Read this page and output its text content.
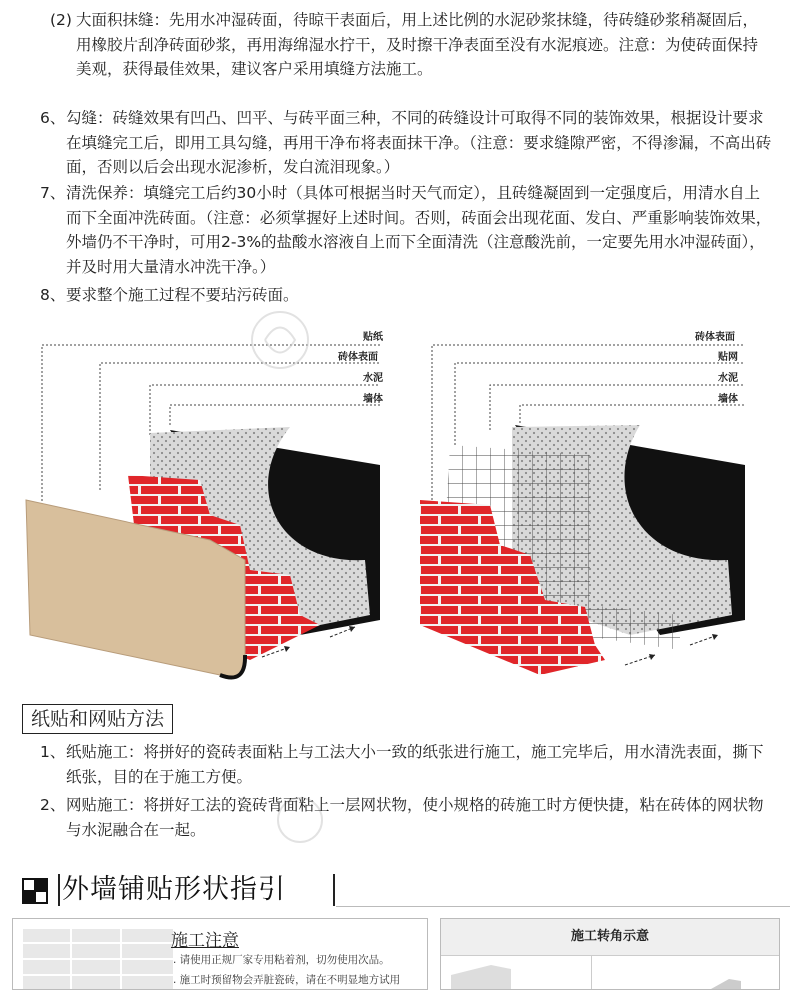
(2) 大面积抹缝：先用水冲湿砖面，待晾干表面后，用上述比例的水泥砂浆抹缝，待砖缝砂浆稍凝固后，用橡胶片刮净砖面砂浆，再用海绵湿水拧干，及时擦干净表面至没有水泥痕迹。注意：为使砖面保持美观，获得最佳效果，建议客户采用填缝方法施工。

6、 勾缝：砖缝效果有凹凸、凹平、与砖平面三种，不同的砖缝设计可取得不同的装饰效果，根据设计要求在填缝完工后，即用工具勾缝，再用干净布将表面抹干净。（注意：要求缝隙严密，不得渗漏，不高出砖面，否则以后会出现水泥渗析，发白流泪现象。）

7、 清洗保养：填缝完工后约30小时（具体可根据当时天气而定），且砖缝凝固到一定强度后，用清水自上而下全面冲洗砖面。（注意：必须掌握好上述时间。否则，砖面会出现花面、发白、严重影响装饰效果，外墙仍不干净时，可用2-3%的盐酸水溶液自上而下全面清洗（注意酸洗前，一定要先用水冲湿砖面），并及时用大量清水冲洗干净。）

8、 要求整个施工过程不要玷污砖面。

贴纸
砖体表面
水泥
墙体
砖体表面
贴网
水泥
墙体
纸贴和网贴方法

1、 纸贴施工：将拼好的瓷砖表面粘上与工法大小一致的纸张进行施工，施工完毕后，用水清洗表面，撕下纸张，目的在于施工方便。

2、 网贴施工：将拼好工法的瓷砖背面粘上一层网状物，使小规格的砖施工时方便快捷，粘在砖体的网状物与水泥融合在一起。

外墙铺贴形状指引
施工注意
. 请使用正规厂家专用粘着剂，切勿使用次品。
. 施工时预留物会弄脏瓷砖，请在不明显地方试用
施工转角示意
